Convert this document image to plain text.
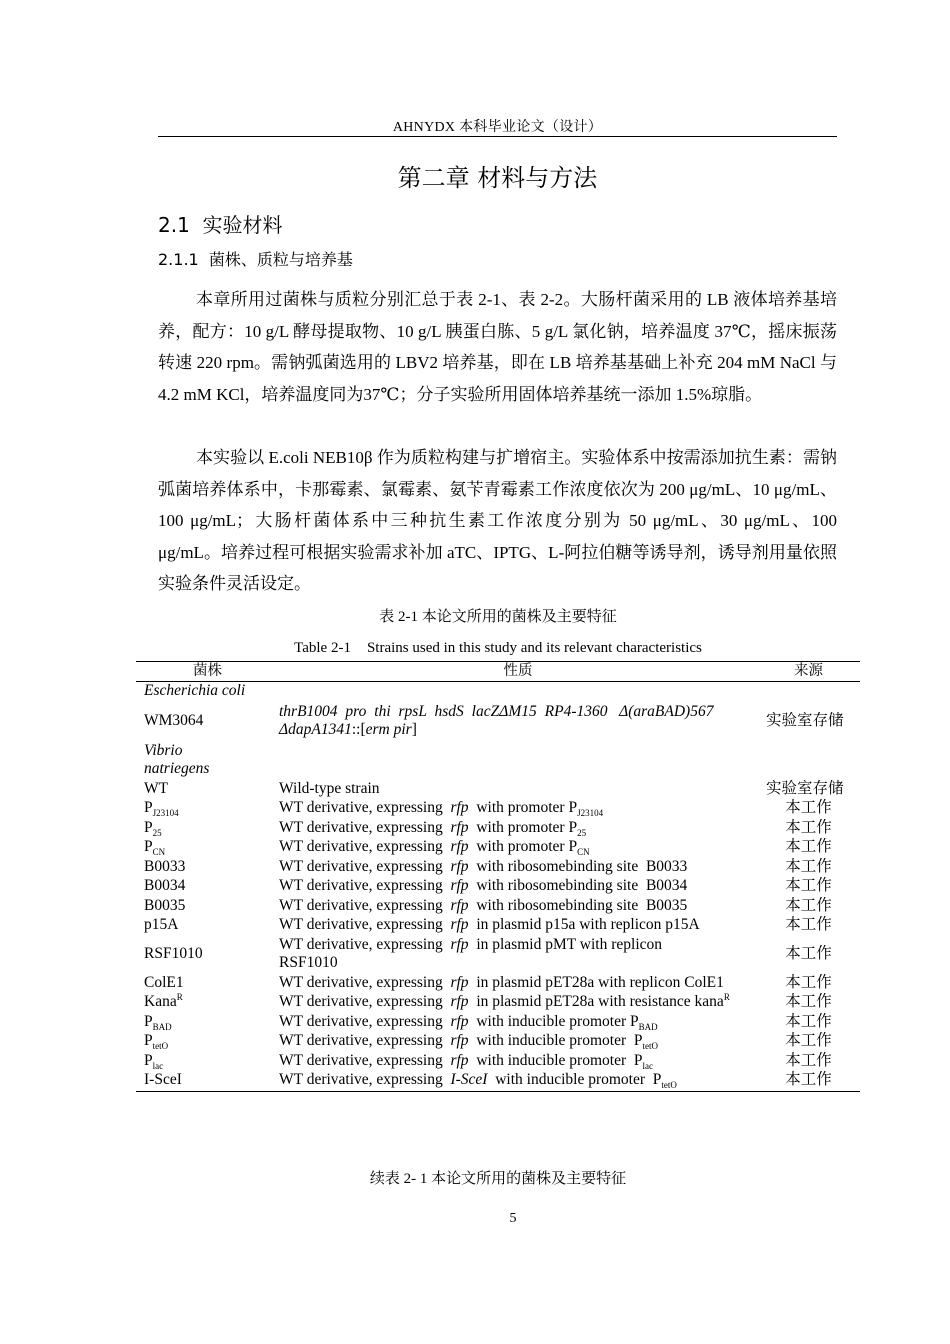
AHNYDX 本科毕业论文（设计）
第二章 材料与方法
2.1 实验材料
2.1.1 菌株、质粒与培养基

本章所用过菌株与质粒分别汇总于表 2-1、表 2-2。大肠杆菌采用的 LB 液体培养基培养，配方：10 g/L 酵母提取物、10 g/L 胰蛋白胨、5 g/L 氯化钠，培养温度 37℃，摇床振荡转速 220 rpm。需钠弧菌选用的 LBV2 培养基，即在 LB 培养基基础上补充 204 mM NaCl 与 4.2 mM KCl，培养温度同为37℃；分子实验所用固体培养基统一添加 1.5%琼脂。

本实验以 E.coli NEB10β 作为质粒构建与扩增宿主。实验体系中按需添加抗生素：需钠弧菌培养体系中，卡那霉素、氯霉素、氨苄青霉素工作浓度依次为 200 μg/mL、10 μg/mL、100 μg/mL；大肠杆菌体系中三种抗生素工作浓度分别为 50 μg/mL、30 μg/mL、100 μg/mL。培养过程可根据实验需求补加 aTC、IPTG、L-阿拉伯糖等诱导剂，诱导剂用量依照实验条件灵活设定。

表 2-1 本论文所用的菌株及主要特征
Table 2-1 Strains used in this study and its relevant characteristics
菌株	性质	来源
Escherichia coli		
WM3064	thrB1004 pro thi rpsL hsdS lacZΔM15 RP4-1360 Δ(araBAD)567
ΔdapA1341::[erm pir]	实验室存储
Vibrio
natriegens		
WT	Wild-type strain	实验室存储
$P_{J23104}$	WT derivative, expressing rfp with promoter $P_{J23104}$	本工作
$P_{25}$	WT derivative, expressing rfp with promoter $P_{25}$	本工作
$P_{CN}$	WT derivative, expressing rfp with promoter $P_{CN}$	本工作
B0033	WT derivative, expressing rfp with ribosomebinding site B0033	本工作
B0034	WT derivative, expressing rfp with ribosomebinding site B0034	本工作
B0035	WT derivative, expressing rfp with ribosomebinding site B0035	本工作
p15A	WT derivative, expressing rfp in plasmid p15a with replicon p15A	本工作
RSF1010	WT derivative, expressing rfp in plasmid pMT with replicon RSF1010	本工作
ColE1	WT derivative, expressing rfp in plasmid pET28a with replicon ColE1	本工作
Kana$^R$	WT derivative, expressing rfp in plasmid pET28a with resistance kana$^R$	本工作
$P_{BAD}$	WT derivative, expressing rfp with inducible promoter $P_{BAD}$	本工作
$P_{tetO}$	WT derivative, expressing rfp with inducible promoter $P_{tetO}$	本工作
$P_{lac}$	WT derivative, expressing rfp with inducible promoter $P_{lac}$	本工作
I-SceI	WT derivative, expressing I-SceI with inducible promoter $P_{tetO}$	本工作
续表 2- 1 本论文所用的菌株及主要特征
5
